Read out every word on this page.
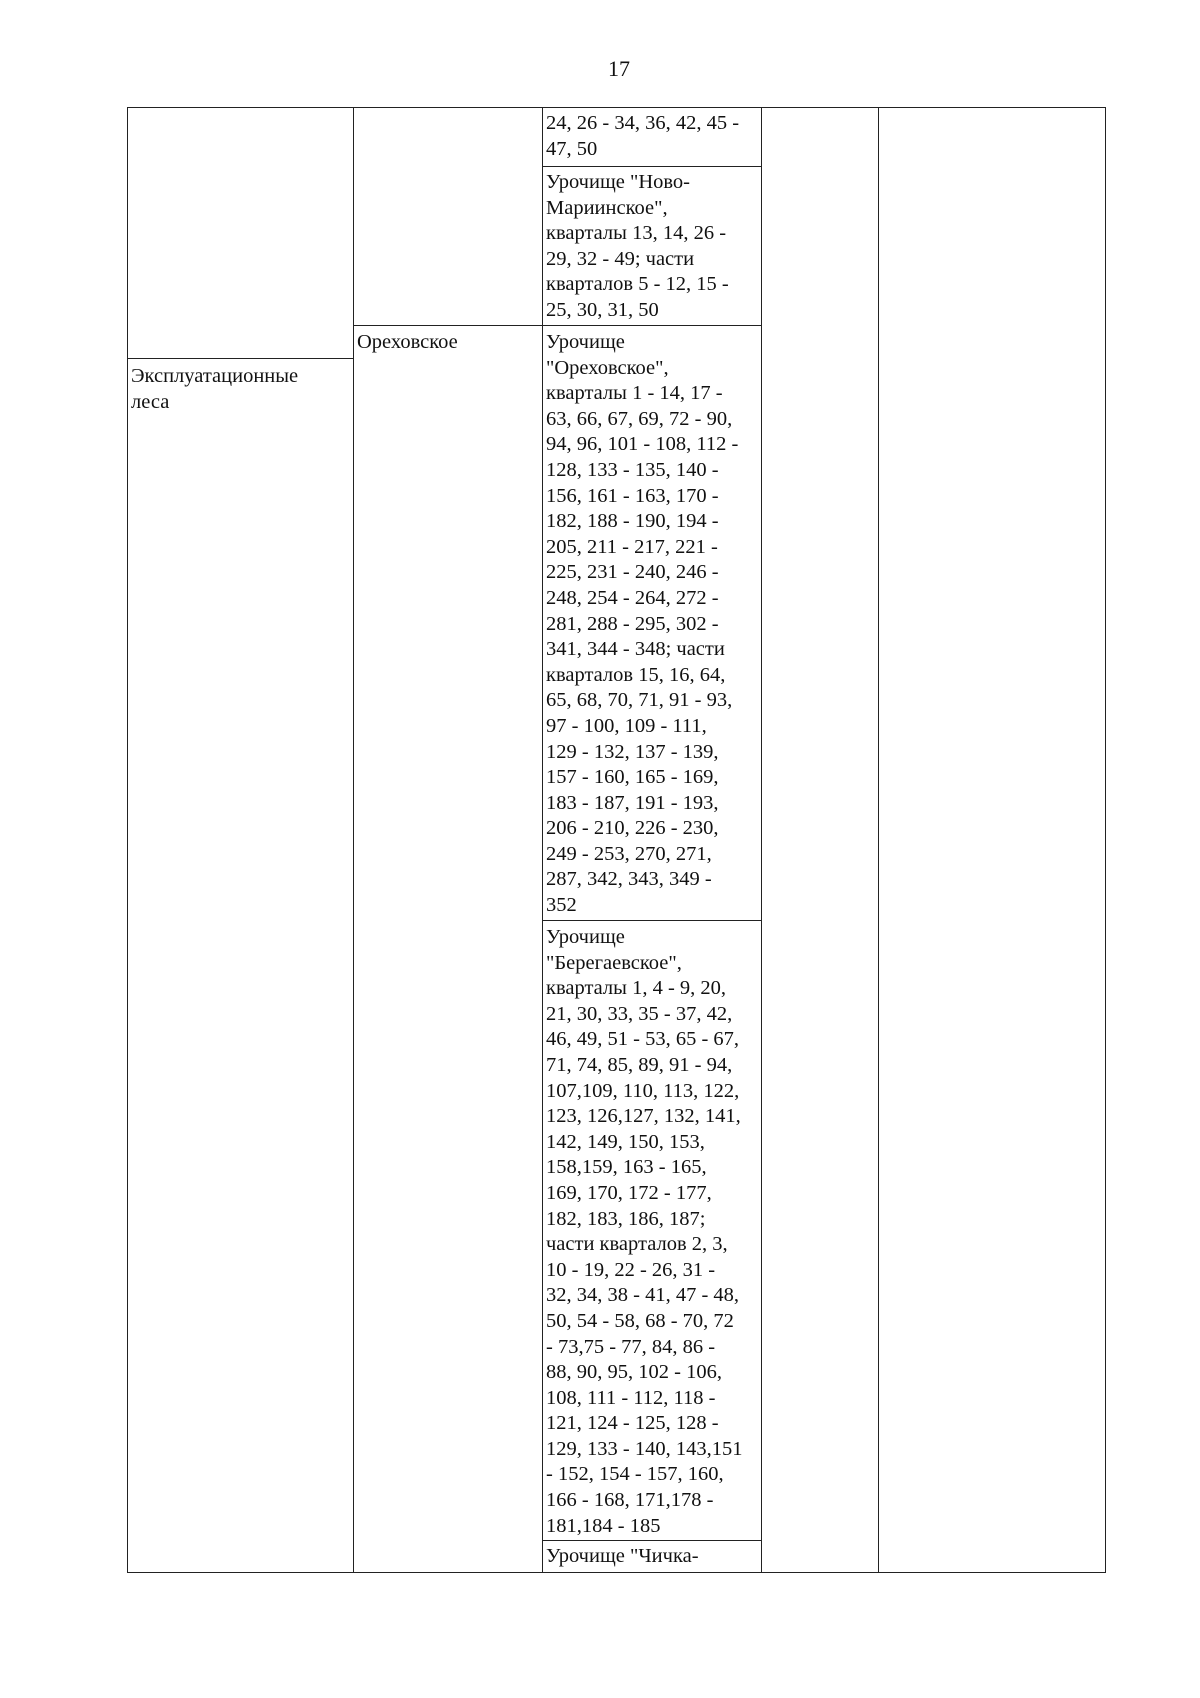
17
Эксплуатационные
леса
Ореховское
24, 26 - 34, 36, 42, 45 -
47, 50
Урочище "Ново-
Мариинское",
кварталы 13, 14, 26 -
29, 32 - 49; части
кварталов 5 - 12, 15 -
25, 30, 31, 50
Урочище
"Ореховское",
кварталы 1 - 14, 17 -
63, 66, 67, 69, 72 - 90,
94, 96, 101 - 108, 112 -
128, 133 - 135, 140 -
156, 161 - 163, 170 -
182, 188 - 190, 194 -
205, 211 - 217, 221 -
225, 231 - 240, 246 -
248, 254 - 264, 272 -
281, 288 - 295, 302 -
341, 344 - 348; части
кварталов 15, 16, 64,
65, 68, 70, 71, 91 - 93,
97 - 100, 109 - 111,
129 - 132, 137 - 139,
157 - 160, 165 - 169,
183 - 187, 191 - 193,
206 - 210, 226 - 230,
249 - 253, 270, 271,
287, 342, 343, 349 -
352
Урочище
"Берегаевское",
кварталы 1, 4 - 9, 20,
21, 30, 33, 35 - 37, 42,
46, 49, 51 - 53, 65 - 67,
71, 74, 85, 89, 91 - 94,
107,109, 110, 113, 122,
123, 126,127, 132, 141,
142, 149, 150, 153,
158,159, 163 - 165,
169, 170, 172 - 177,
182, 183, 186, 187;
части кварталов 2, 3,
10 - 19, 22 - 26, 31 -
32, 34, 38 - 41, 47 - 48,
50, 54 - 58, 68 - 70, 72
- 73,75 - 77, 84, 86 -
88, 90, 95, 102 - 106,
108, 111 - 112, 118 -
121, 124 - 125, 128 -
129, 133 - 140, 143,151
- 152, 154 - 157, 160,
166 - 168, 171,178 -
181,184 - 185
Урочище "Чичка-
